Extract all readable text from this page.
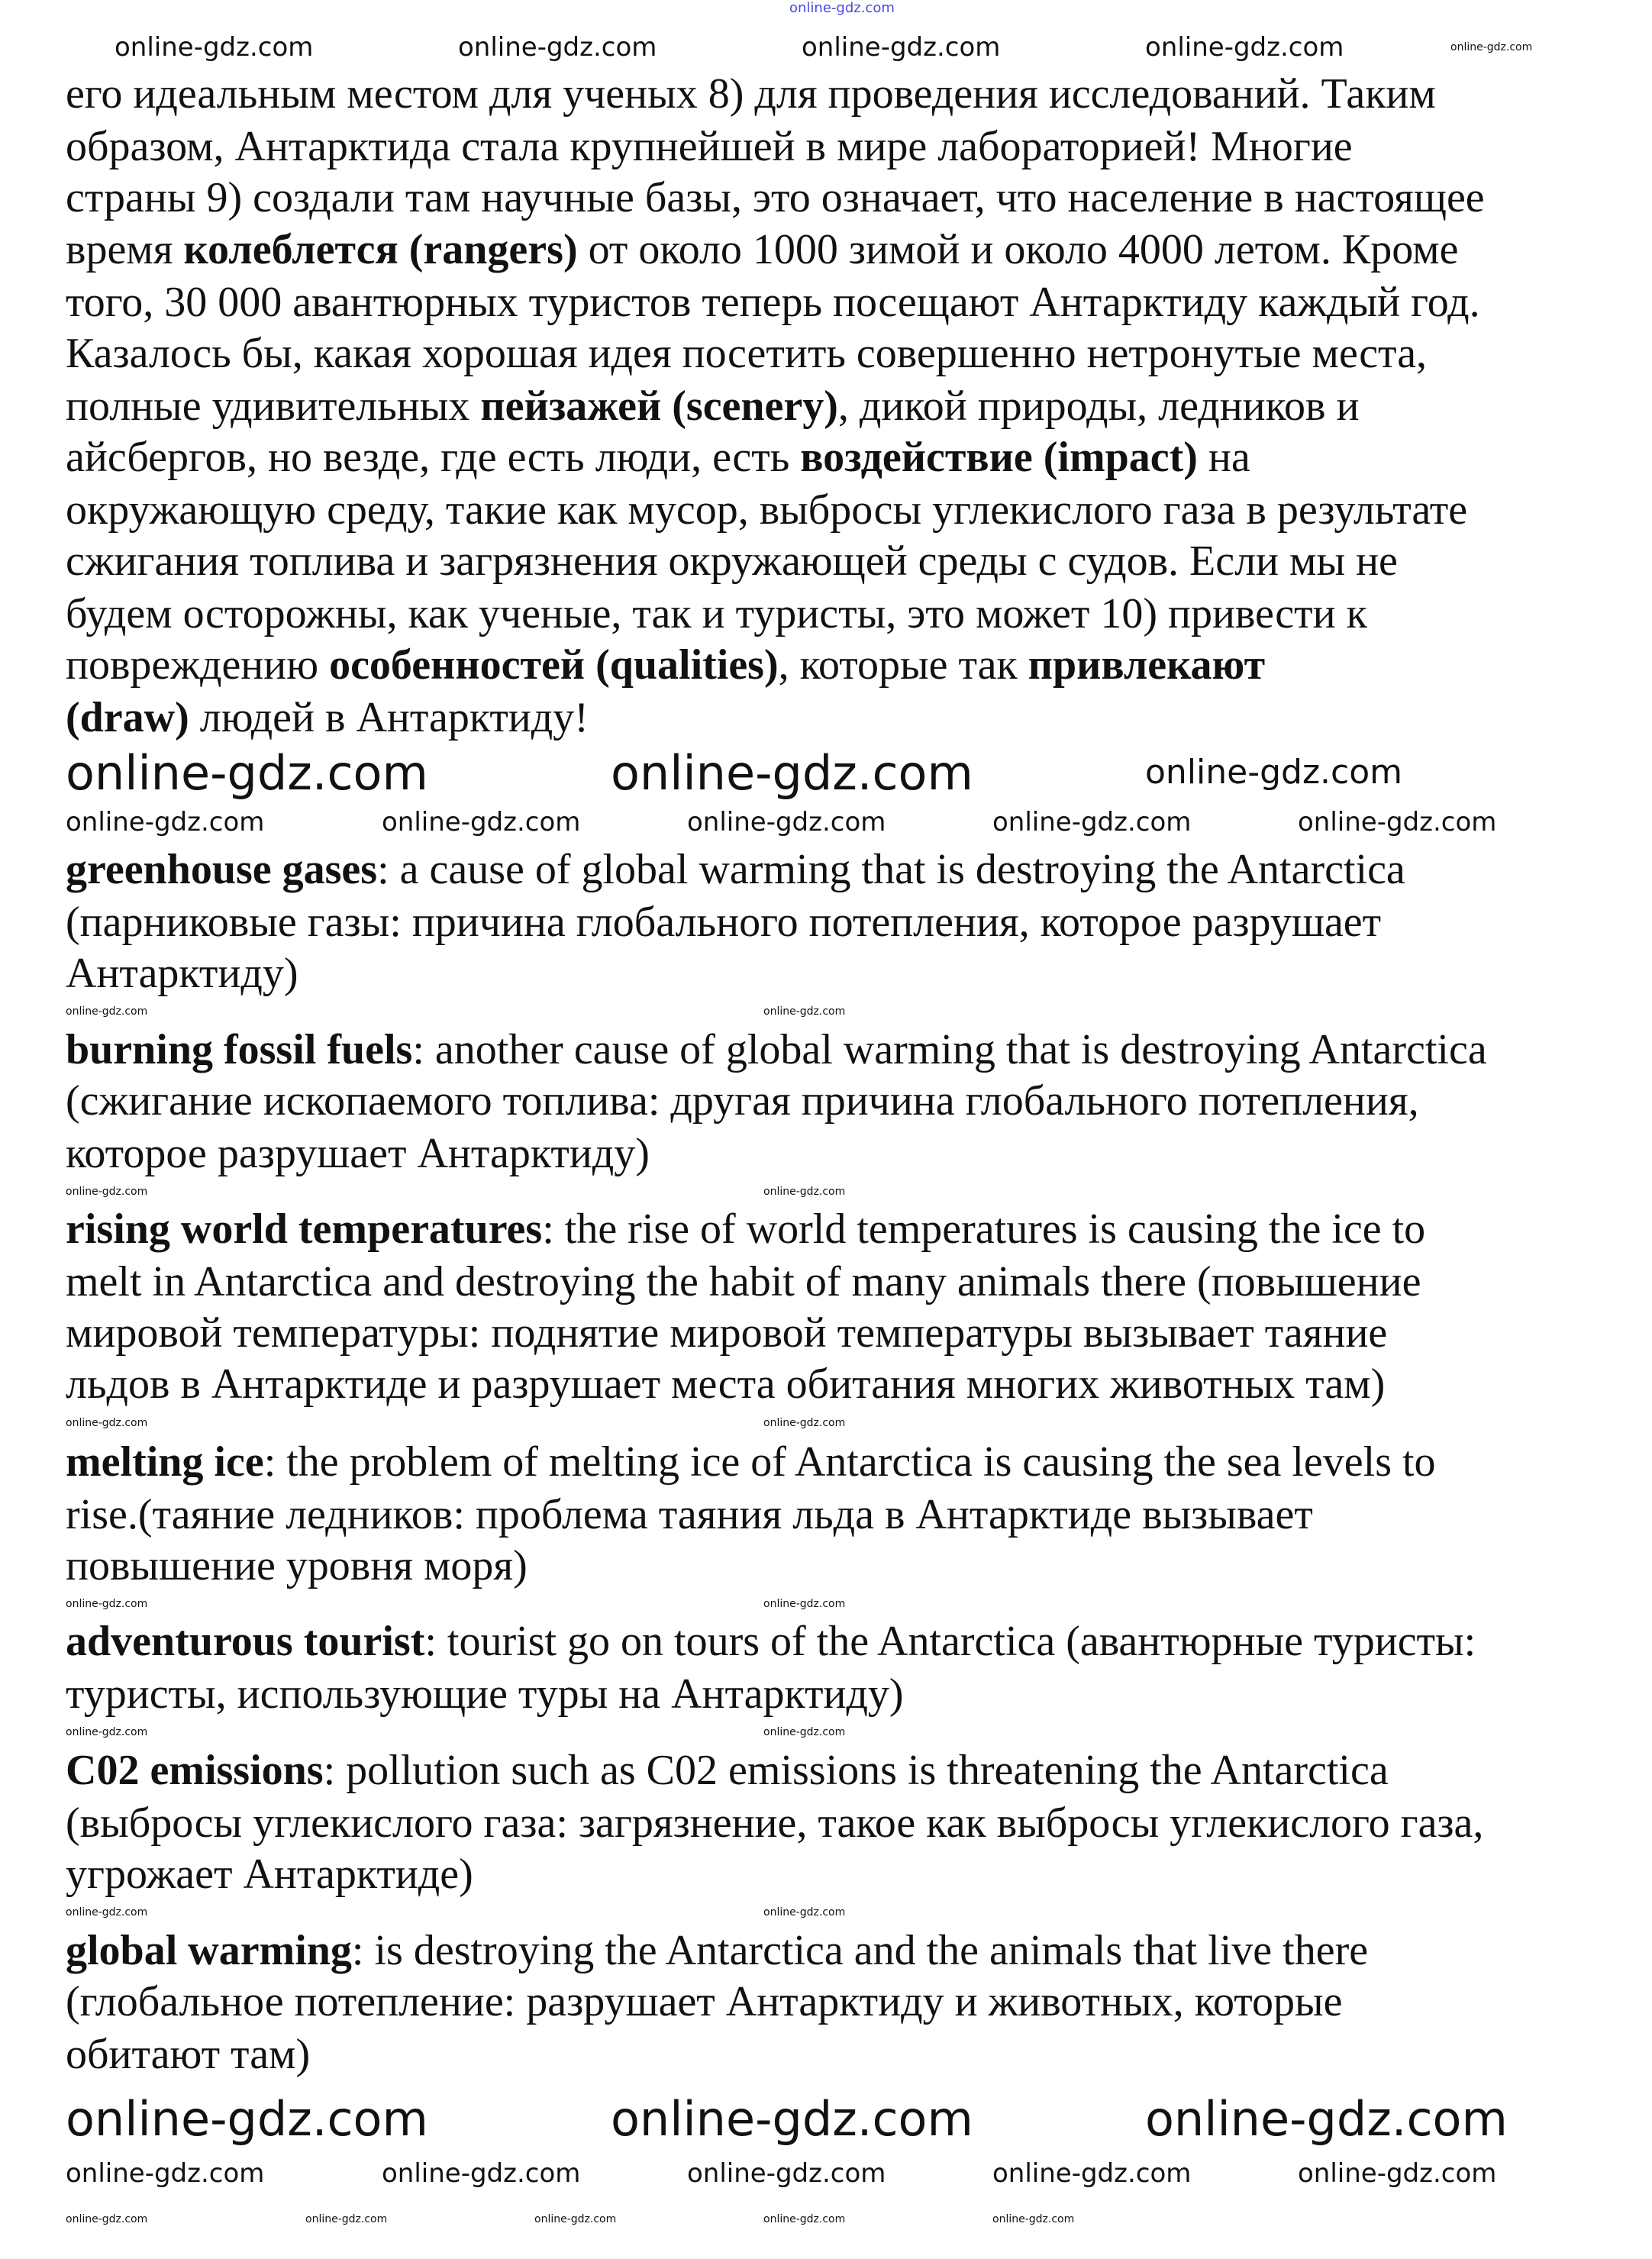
его идеальным местом для ученых 8) для проведения исследований. Таким
образом, Антарктида стала крупнейшей в мире лабораторией! Многие
страны 9) создали там научные базы, это означает, что население в настоящее
время колеблется (rangers) от около 1000 зимой и около 4000 летом. Кроме
того, 30 000 авантюрных туристов теперь посещают Антарктиду каждый год.
Казалось бы, какая хорошая идея посетить совершенно нетронутые места,
полные удивительных пейзажей (scenery), дикой природы, ледников и
айсбергов, но везде, где есть люди, есть воздействие (impact) на
окружающую среду, такие как мусор, выбросы углекислого газа в результате
сжигания топлива и загрязнения окружающей среды с судов. Если мы не
будем осторожны, как ученые, так и туристы, это может 10) привести к
повреждению особенностей (qualities), которые так привлекают
(draw) людей в Антарктиду!
greenhouse gases: a cause of global warming that is destroying the Antarctica
(парниковые газы: причина глобального потепления, которое разрушает
Антарктиду)
burning fossil fuels: another cause of global warming that is destroying Antarctica
(сжигание ископаемого топлива: другая причина глобального потепления,
которое разрушает Антарктиду)
rising world temperatures: the rise of world temperatures is causing the ice to
melt in Antarctica and destroying the habit of many animals there (повышение
мировой температуры: поднятие мировой температуры вызывает таяние
льдов в Антарктиде и разрушает места обитания многих животных там)
melting ice: the problem of melting ice of Antarctica is causing the sea levels to
rise.(таяние ледников: проблема таяния льда в Антарктиде вызывает
повышение уровня моря)
adventurous tourist: tourist go on tours of the Antarctica (авантюрные туристы:
туристы, использующие туры на Антарктиду)
C02 emissions: pollution such as C02 emissions is threatening the Antarctica
(выбросы углекислого газа: загрязнение, такое как выбросы углекислого газа,
угрожает Антарктиде)
global warming: is destroying the Antarctica and the animals that live there
(глобальное потепление: разрушает Антарктиду и животных, которые
обитают там)
online-gdz.com
online-gdz.com	online-gdz.com	online-gdz.com	online-gdz.com	online-gdz.com
online-gdz.com	online-gdz.com	online-gdz.com
online-gdz.com	online-gdz.com	online-gdz.com	online-gdz.com	online-gdz.com
online-gdz.com	online-gdz.com
online-gdz.com	online-gdz.com
online-gdz.com	online-gdz.com
online-gdz.com	online-gdz.com
online-gdz.com	online-gdz.com
online-gdz.com	online-gdz.com
online-gdz.com	online-gdz.com	online-gdz.com
online-gdz.com	online-gdz.com	online-gdz.com	online-gdz.com	online-gdz.com
online-gdz.com	online-gdz.com	online-gdz.com	online-gdz.com	online-gdz.com
